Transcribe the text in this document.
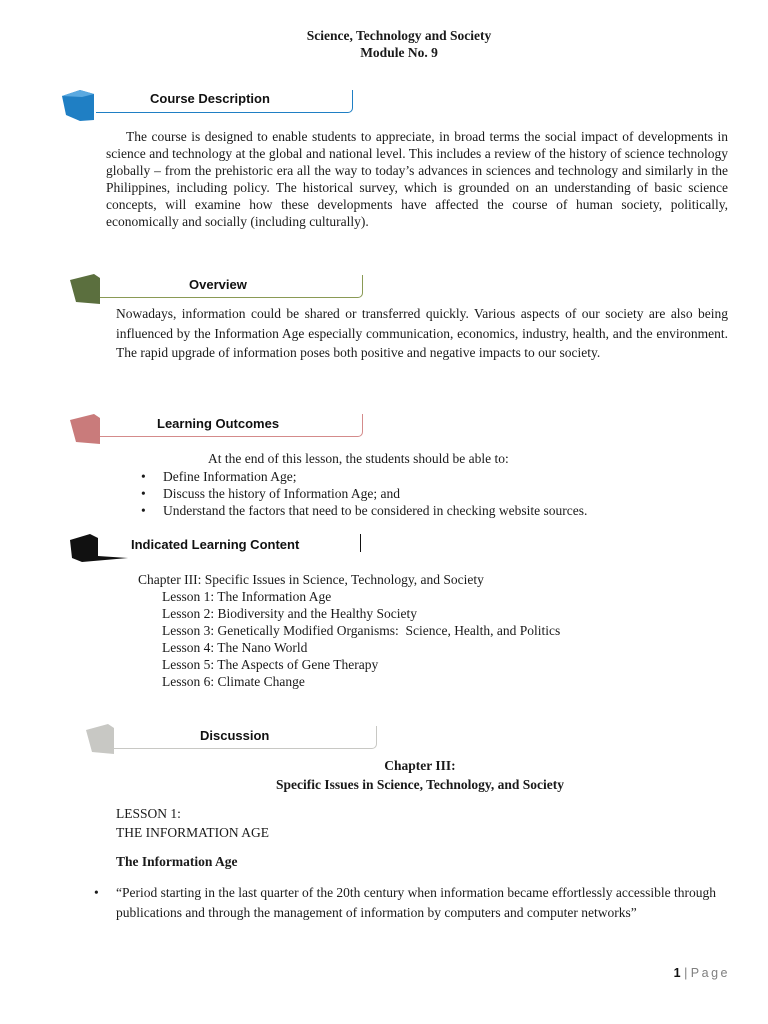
Science, Technology and Society
Module No. 9
Course Description
The course is designed to enable students to appreciate, in broad terms the social impact of developments in science and technology at the global and national level. This includes a review of the history of science technology globally – from the prehistoric era all the way to today’s advances in sciences and technology and similarly in the Philippines, including policy. The historical survey, which is grounded on an understanding of basic science concepts, will examine how these developments have affected the course of human society, politically, economically and socially (including culturally).
Overview
Nowadays, information could be shared or transferred quickly. Various aspects of our society are also being influenced by the Information Age especially communication, economics, industry, health, and the environment. The rapid upgrade of information poses both positive and negative impacts to our society.
Learning Outcomes
At the end of this lesson, the students should be able to:
• Define Information Age;
• Discuss the history of Information Age; and
• Understand the factors that need to be considered in checking website sources.
Indicated Learning Content
Chapter III: Specific Issues in Science, Technology, and Society
Lesson 1: The Information Age
Lesson 2: Biodiversity and the Healthy Society
Lesson 3: Genetically Modified Organisms:  Science, Health, and Politics
Lesson 4: The Nano World
Lesson 5: The Aspects of Gene Therapy
Lesson 6: Climate Change
Discussion
Chapter III:
Specific Issues in Science, Technology, and Society
LESSON 1:
THE INFORMATION AGE
The Information Age
• “Period starting in the last quarter of the 20th century when information became effortlessly accessible through publications and through the management of information by computers and computer networks”
1 | Page
